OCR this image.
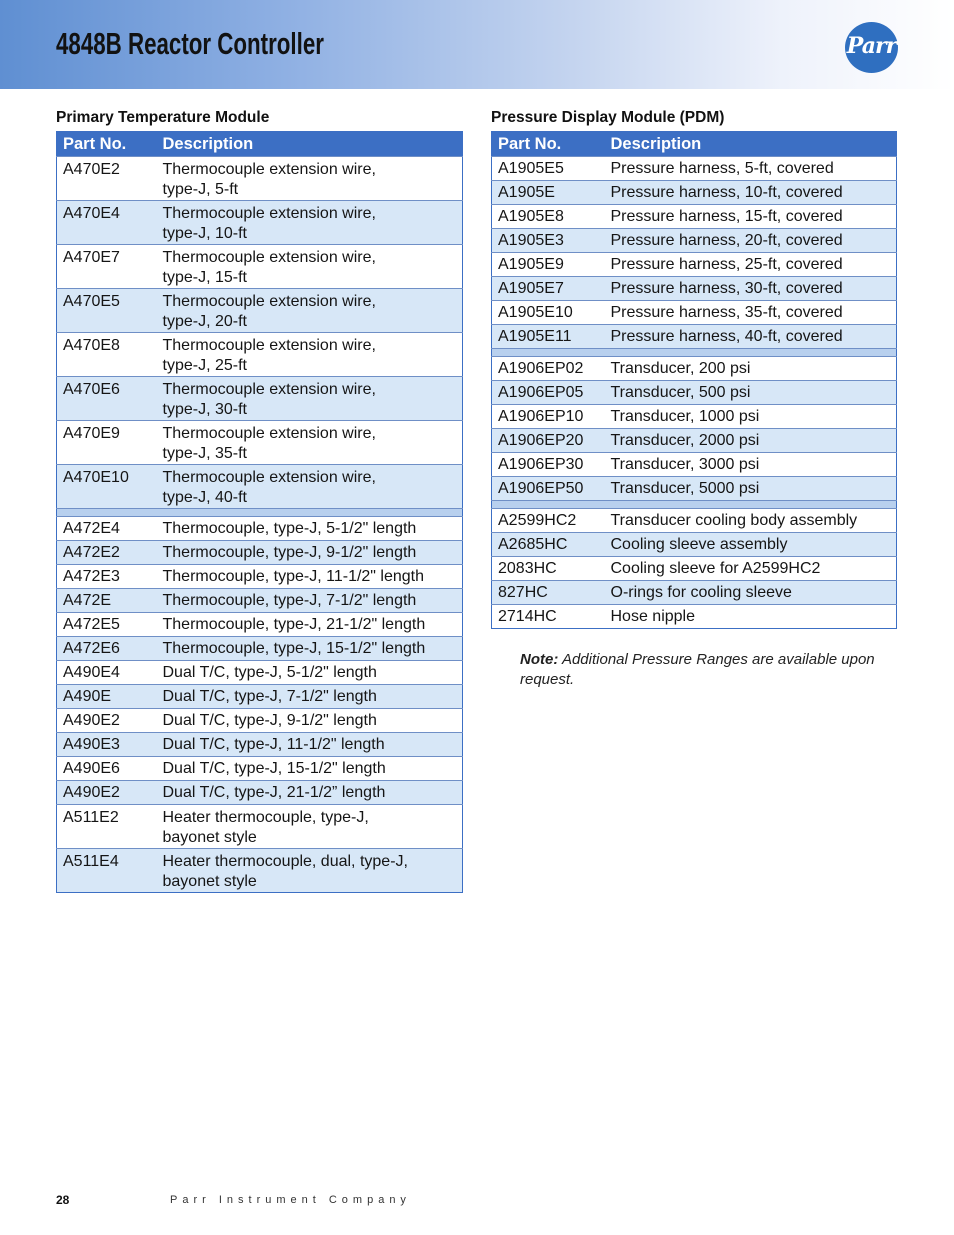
4848B Reactor Controller	Parr
Primary Temperature Module
Part No.	Description
A470E2	Thermocouple extension wire,
type-J, 5-ft

A470E4	Thermocouple extension wire,
type-J, 10-ft

A470E7	Thermocouple extension wire,
type-J, 15-ft

A470E5	Thermocouple extension wire,
type-J, 20-ft

A470E8	Thermocouple extension wire,
type-J, 25-ft

A470E6	Thermocouple extension wire,
type-J, 30-ft

A470E9	Thermocouple extension wire,
type-J, 35-ft

A470E10	Thermocouple extension wire,
type-J, 40-ft

A472E4	Thermocouple, type-J, 5-1/2" length
A472E2	Thermocouple, type-J, 9-1/2" length
A472E3	Thermocouple, type-J, 11-1/2" length
A472E	Thermocouple, type-J, 7-1/2" length
A472E5	Thermocouple, type-J, 21-1/2" length
A472E6	Thermocouple, type-J, 15-1/2" length
A490E4	Dual T/C, type-J, 5-1/2" length
A490E	Dual T/C, type-J, 7-1/2" length
A490E2	Dual T/C, type-J, 9-1/2" length
A490E3	Dual T/C, type-J, 11-1/2" length
A490E6	Dual T/C, type-J, 15-1/2" length
A490E2	Dual T/C, type-J, 21-1/2” length
A511E2	Heater thermocouple, type-J,
bayonet style

A511E4	Heater thermocouple, dual, type-J,
bayonet style
Pressure Display Module (PDM)
Part No.	Description
A1905E5	Pressure harness, 5-ft, covered
A1905E	Pressure harness, 10-ft, covered
A1905E8	Pressure harness, 15-ft, covered
A1905E3	Pressure harness, 20-ft, covered
A1905E9	Pressure harness, 25-ft, covered
A1905E7	Pressure harness, 30-ft, covered
A1905E10	Pressure harness, 35-ft, covered
A1905E11	Pressure harness, 40-ft, covered

A1906EP02	Transducer, 200 psi
A1906EP05	Transducer, 500 psi
A1906EP10	Transducer, 1000 psi
A1906EP20	Transducer, 2000 psi
A1906EP30	Transducer, 3000 psi
A1906EP50	Transducer, 5000 psi

A2599HC2	Transducer cooling body assembly
A2685HC	Cooling sleeve assembly
2083HC	Cooling sleeve for A2599HC2
827HC	O-rings for cooling sleeve
2714HC	Hose nipple
Note: Additional Pressure Ranges are available upon request.
28	Parr Instrument Company
